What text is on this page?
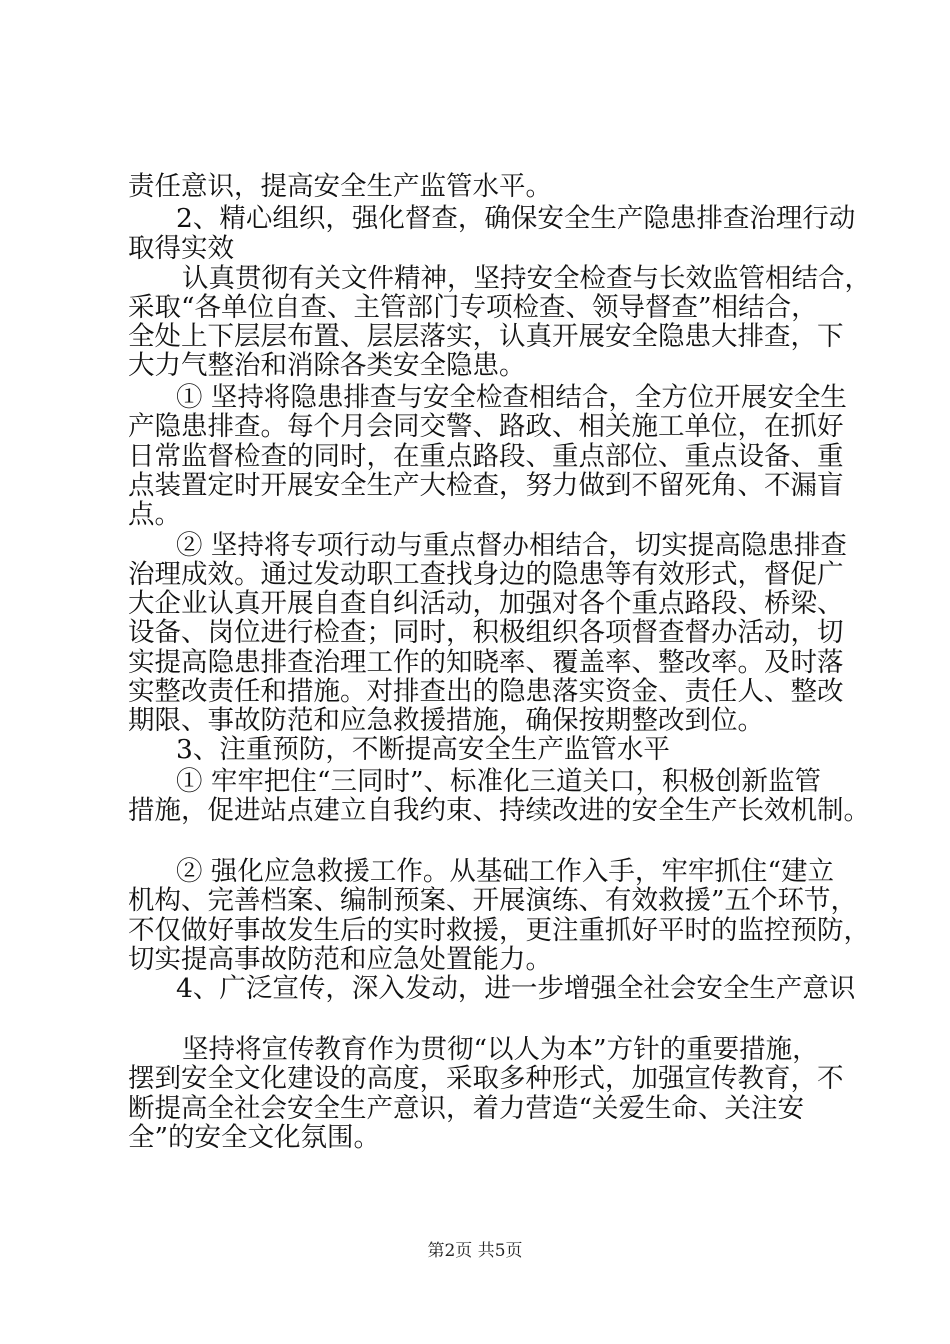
责任意识，提高安全生产监管水平。
2、精心组织，强化督查，确保安全生产隐患排查治理行动
取得实效
认真贯彻有关文件精神，坚持安全检查与长效监管相结合，
采取“各单位自查、主管部门专项检查、领导督查”相结合，
全处上下层层布置、层层落实，认真开展安全隐患大排查，下
大力气整治和消除各类安全隐患。
① 坚持将隐患排查与安全检查相结合，全方位开展安全生
产隐患排查。每个月会同交警、路政、相关施工单位，在抓好
日常监督检查的同时，在重点路段、重点部位、重点设备、重
点装置定时开展安全生产大检查，努力做到不留死角、不漏盲
点。
② 坚持将专项行动与重点督办相结合，切实提高隐患排查
治理成效。通过发动职工查找身边的隐患等有效形式，督促广
大企业认真开展自查自纠活动，加强对各个重点路段、桥梁、
设备、岗位进行检查；同时，积极组织各项督查督办活动，切
实提高隐患排查治理工作的知晓率、覆盖率、整改率。及时落
实整改责任和措施。对排查出的隐患落实资金、责任人、整改
期限、事故防范和应急救援措施，确保按期整改到位。
3、注重预防，不断提高安全生产监管水平
① 牢牢把住“三同时”、标准化三道关口，积极创新监管
措施，促进站点建立自我约束、持续改进的安全生产长效机制。
② 强化应急救援工作。从基础工作入手，牢牢抓住“建立
机构、完善档案、编制预案、开展演练、有效救援”五个环节，
不仅做好事故发生后的实时救援，更注重抓好平时的监控预防，
切实提高事故防范和应急处置能力。
4、广泛宣传，深入发动，进一步增强全社会安全生产意识
坚持将宣传教育作为贯彻“以人为本”方针的重要措施，
摆到安全文化建设的高度，采取多种形式，加强宣传教育，不
断提高全社会安全生产意识，着力营造“关爱生命、关注安
全”的安全文化氛围。
第2页 共5页
